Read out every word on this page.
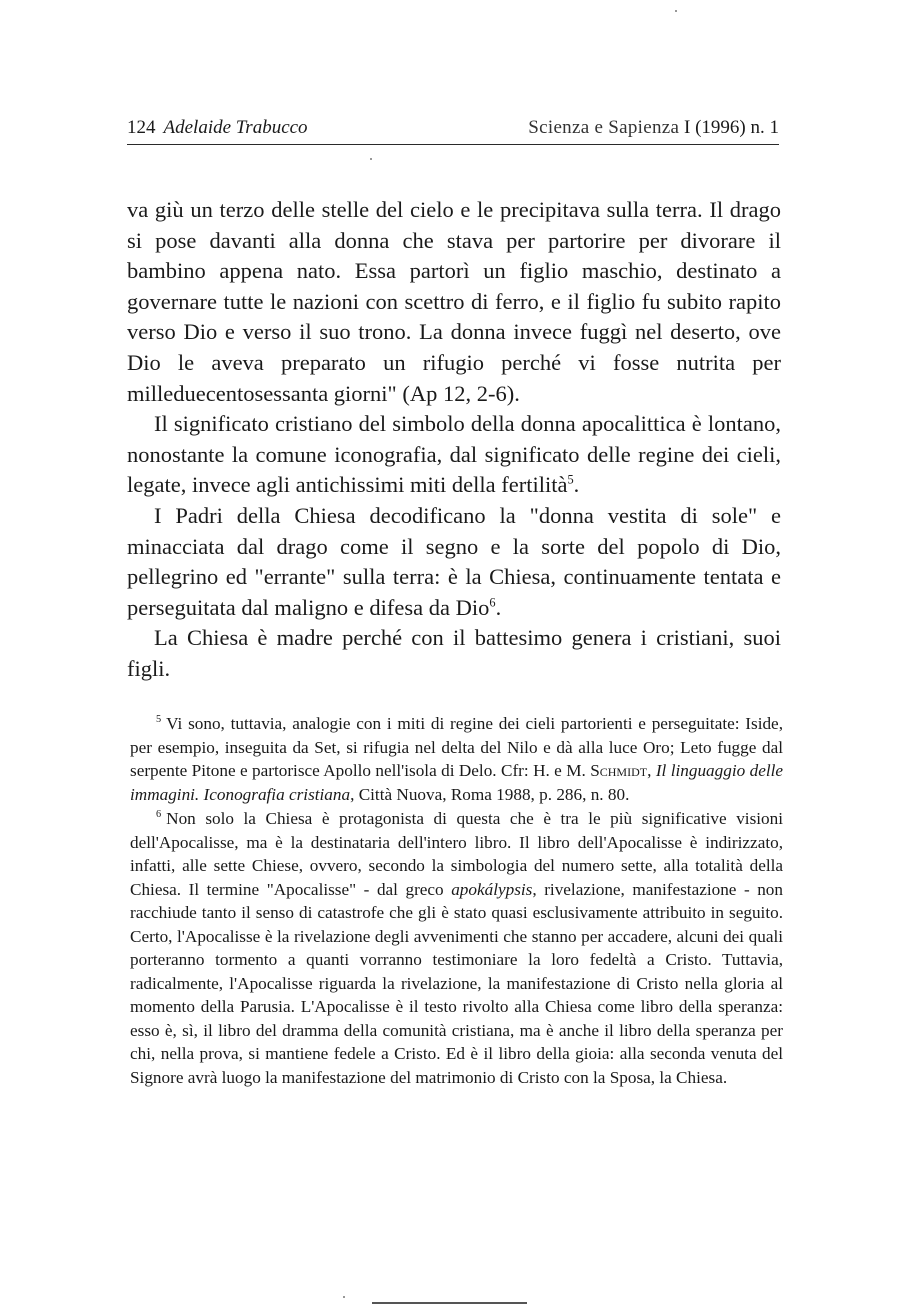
124 Adelaide Trabucco	Scienza e Sapienza I (1996) n. 1

va giù un terzo delle stelle del cielo e le precipitava sulla terra. Il drago si pose davanti alla donna che stava per partorire per divorare il bambino appena nato. Essa partorì un figlio maschio, destinato a governare tutte le nazioni con scettro di ferro, e il figlio fu subito rapito verso Dio e verso il suo trono. La donna invece fuggì nel deserto, ove Dio le aveva preparato un rifugio perché vi fosse nutrita per milleduecentosessanta giorni" (Ap 12, 2-6).

Il significato cristiano del simbolo della donna apocalittica è lontano, nonostante la comune iconografia, dal significato delle regine dei cieli, legate, invece agli antichissimi miti della fertilità$^5$.

I Padri della Chiesa decodificano la "donna vestita di sole" e minacciata dal drago come il segno e la sorte del popolo di Dio, pellegrino ed "errante" sulla terra: è la Chiesa, continuamente tentata e perseguitata dal maligno e difesa da Dio$^6$.

La Chiesa è madre perché con il battesimo genera i cristiani, suoi figli.

$^5$ Vi sono, tuttavia, analogie con i miti di regine dei cieli partorienti e perseguitate: Iside, per esempio, inseguita da Set, si rifugia nel delta del Nilo e dà alla luce Oro; Leto fugge dal serpente Pitone e partorisce Apollo nell'isola di Delo. Cfr: H. e M. Schmidt, Il linguaggio delle immagini. Iconografia cristiana, Città Nuova, Roma 1988, p. 286, n. 80.

$^6$ Non solo la Chiesa è protagonista di questa che è tra le più significative visioni dell'Apocalisse, ma è la destinataria dell'intero libro. Il libro dell'Apocalisse è indirizzato, infatti, alle sette Chiese, ovvero, secondo la simbologia del numero sette, alla totalità della Chiesa. Il termine "Apocalisse" - dal greco apokálypsis, rivelazione, manifestazione - non racchiude tanto il senso di catastrofe che gli è stato quasi esclusivamente attribuito in seguito. Certo, l'Apocalisse è la rivelazione degli avvenimenti che stanno per accadere, alcuni dei quali porteranno tormento a quanti vorranno testimoniare la loro fedeltà a Cristo. Tuttavia, radicalmente, l'Apocalisse riguarda la rivelazione, la manifestazione di Cristo nella gloria al momento della Parusia. L'Apocalisse è il testo rivolto alla Chiesa come libro della speranza: esso è, sì, il libro del dramma della comunità cristiana, ma è anche il libro della speranza per chi, nella prova, si mantiene fedele a Cristo. Ed è il libro della gioia: alla seconda venuta del Signore avrà luogo la manifestazione del matrimonio di Cristo con la Sposa, la Chiesa.
